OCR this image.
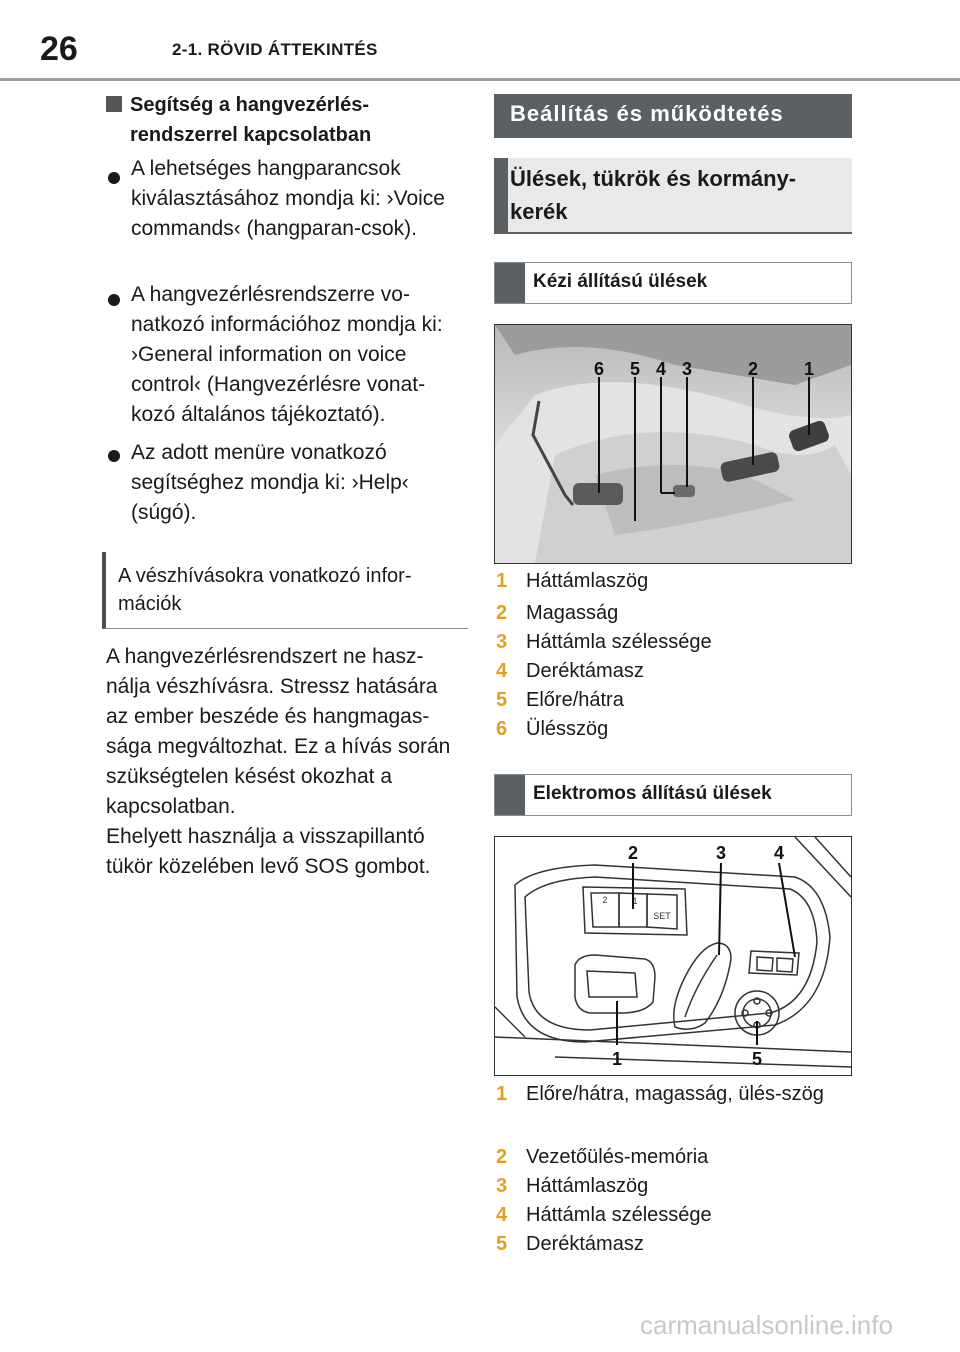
26	2-1. RÖVID ÁTTEKINTÉS
Segítség a hangvezérlés-rendszerrel kapcsolatban
A lehetséges hangparancsok kiválasztásához mondja ki: ›Voice commands‹ (hangparan-csok).
A hangvezérlésrendszerre vo-natkozó információhoz mondja ki: ›General information on voice control‹ (Hangvezérlésre vonat-kozó általános tájékoztató).
Az adott menüre vonatkozó segítséghez mondja ki: ›Help‹ (súgó).
A vészhívásokra vonatkozó infor-mációk
A hangvezérlésrendszert ne hasz-nálja vészhívásra. Stressz hatására az ember beszéde és hangmagas-sága megváltozhat. Ez a hívás során szükségtelen késést okozhat a kapcsolatban.
Ehelyett használja a visszapillantó tükör közelében levő SOS gombot.
Beállítás és működtetés
Ülések, tükrök és kormány-kerék
Kézi állítású ülések
6 5 4 3	2	1
1 Háttámlaszög
2 Magasság
3 Háttámla szélessége
4 Deréktámasz
5 Előre/hátra
6 Ülésszög
Elektromos állítású ülések
2	1
SET
2	3	4
1	5
1 Előre/hátra, magasság, ülés-szög
2 Vezetőülés-memória
3 Háttámlaszög
4 Háttámla szélessége
5 Deréktámasz
carmanualsonline.info
